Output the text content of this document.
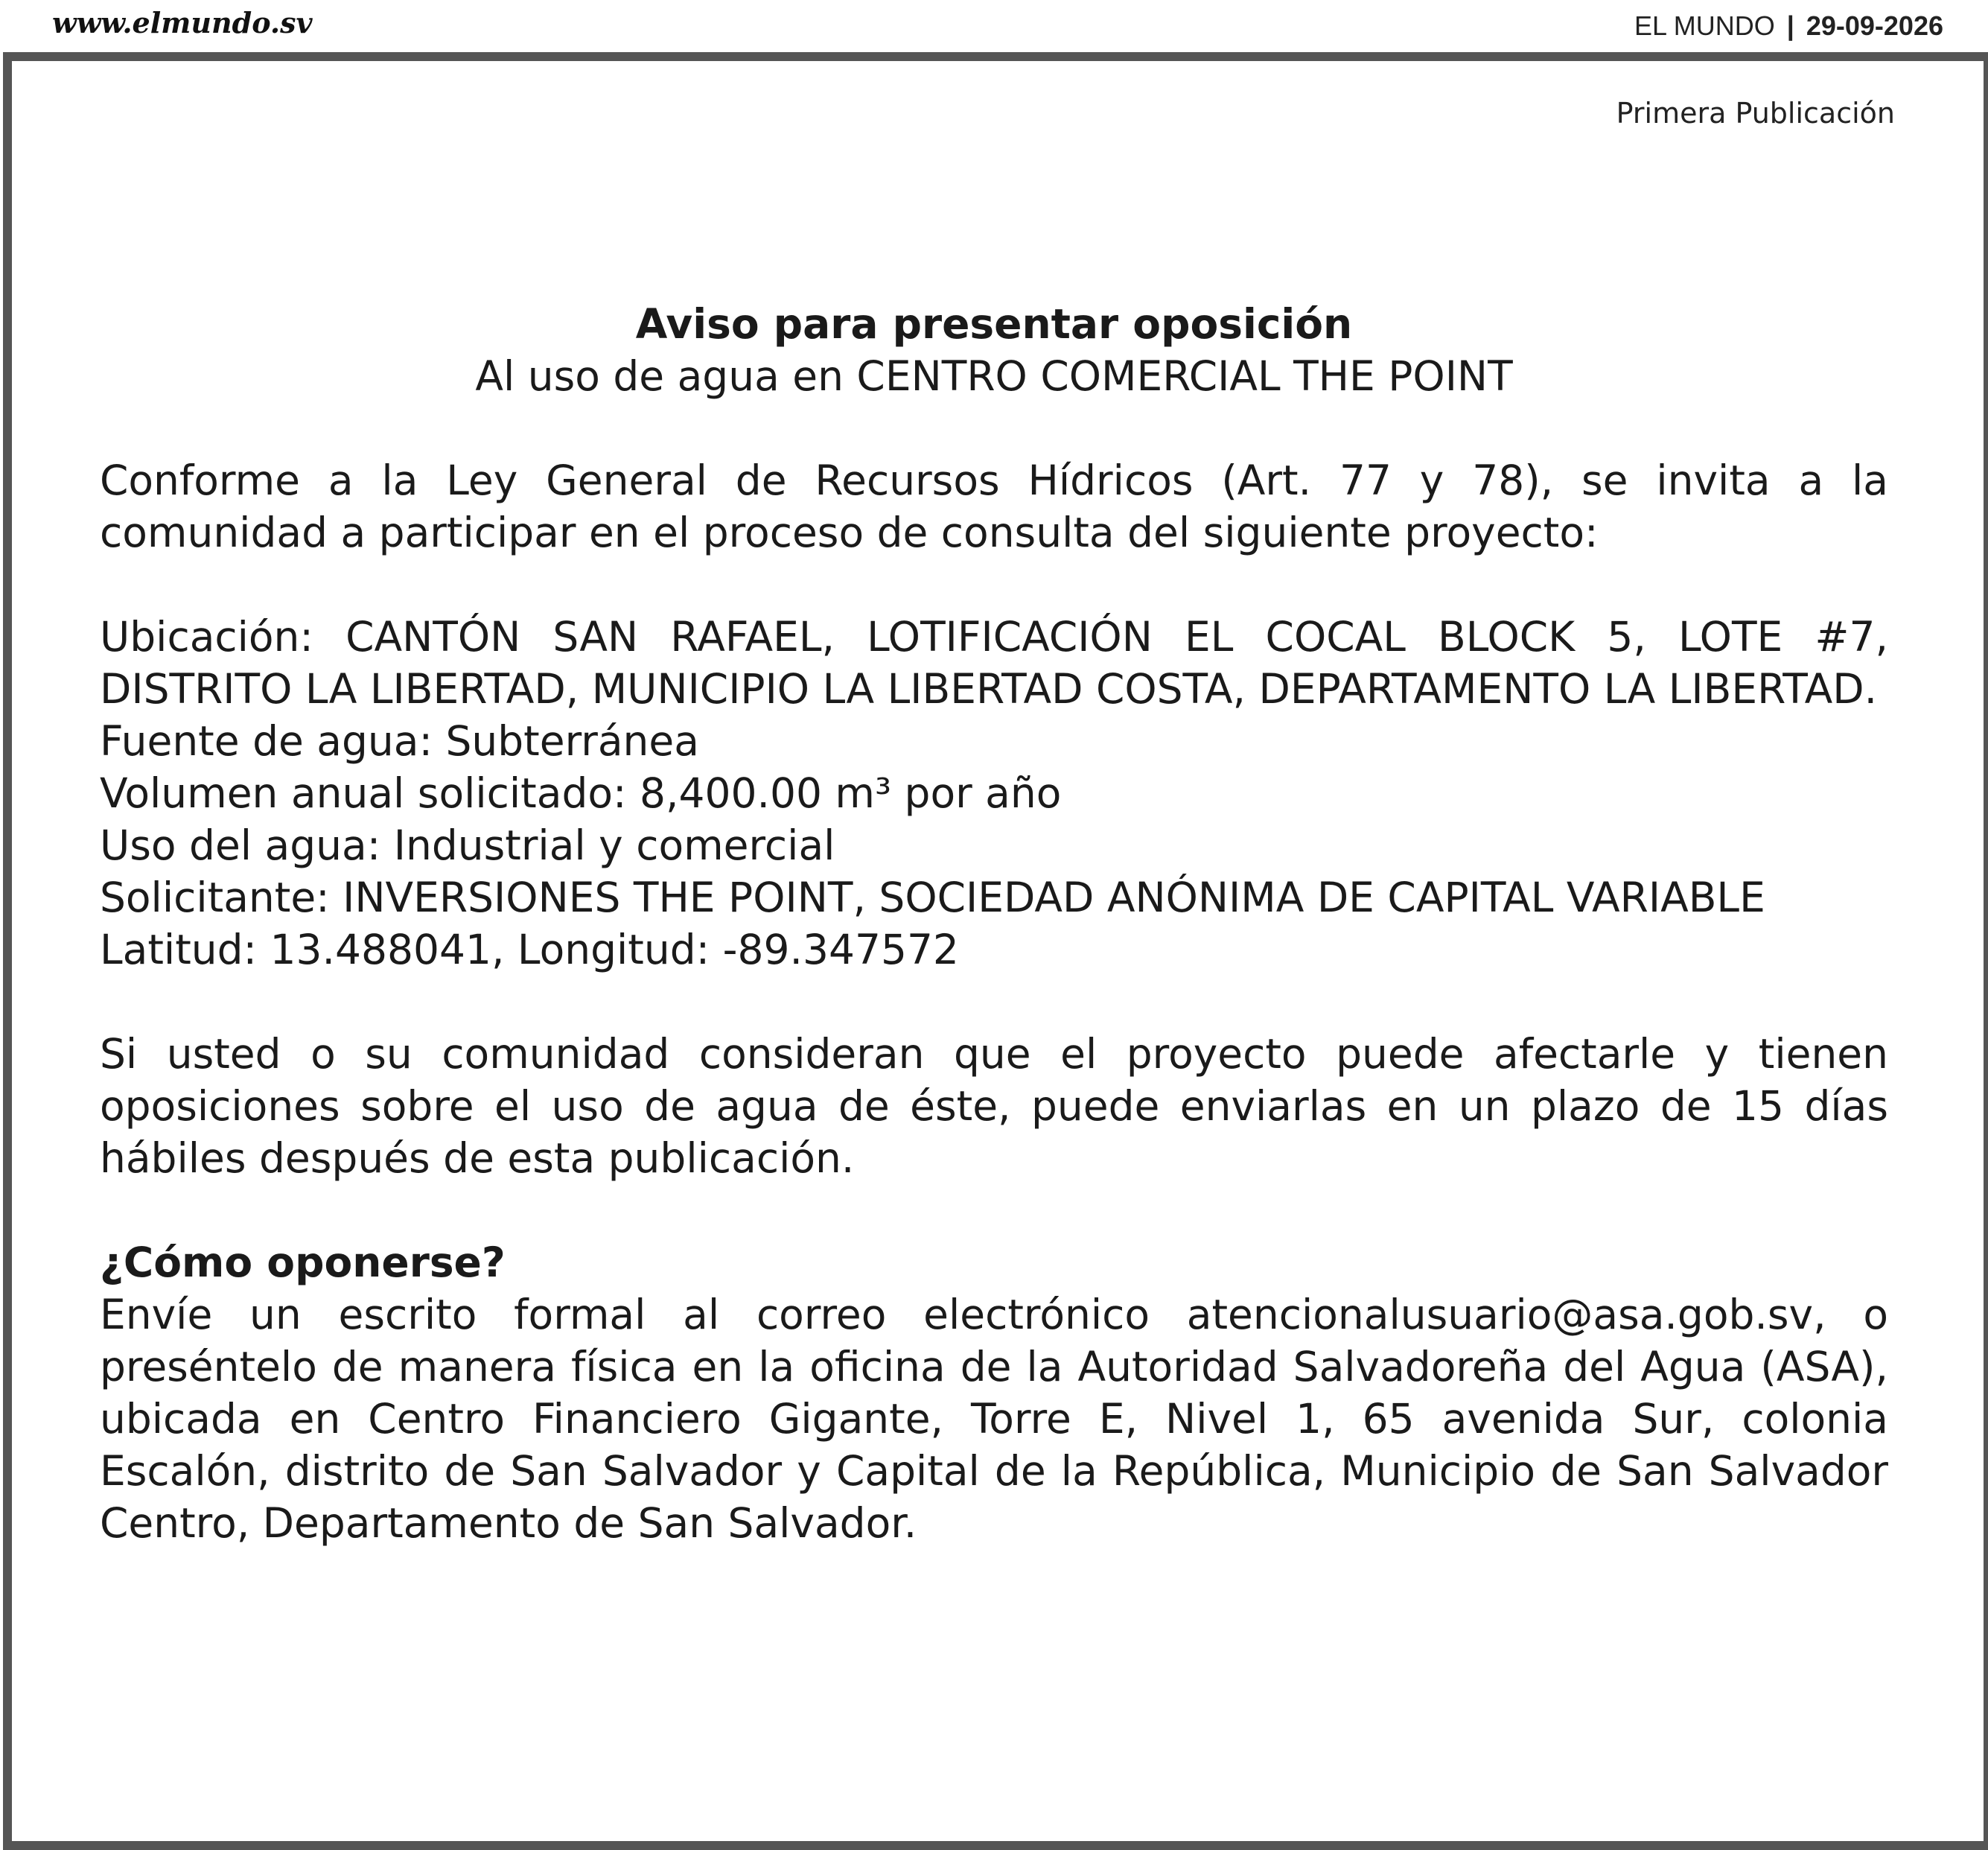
www.elmundo.sv	EL MUNDO | 29-09-2026
Primera Publicación
Aviso para presentar oposición
Al uso de agua en CENTRO COMERCIAL THE POINT

Conforme a la Ley General de Recursos Hídricos (Art. 77 y 78), se invita a la comunidad a participar en el proceso de consulta del siguiente proyecto:

Ubicación: CANTÓN SAN RAFAEL, LOTIFICACIÓN EL COCAL BLOCK 5, LOTE #7, DISTRITO LA LIBERTAD, MUNICIPIO LA LIBERTAD COSTA, DEPARTAMENTO LA LIBERTAD.

Fuente de agua: Subterránea
Volumen anual solicitado: 8,400.00 m³ por año
Uso del agua: Industrial y comercial

Solicitante: INVERSIONES THE POINT, SOCIEDAD ANÓNIMA DE CAPITAL VARIABLE

Latitud: 13.488041, Longitud: -89.347572

Si usted o su comunidad consideran que el proyecto puede afectarle y tienen oposiciones sobre el uso de agua de éste, puede enviarlas en un plazo de 15 días hábiles después de esta publicación.

¿Cómo oponerse?

Envíe un escrito formal al correo electrónico atencionalusuario@asa.gob.sv, o preséntelo de manera física en la oficina de la Autoridad Salvadoreña del Agua (ASA), ubicada en Centro Financiero Gigante, Torre E, Nivel 1, 65 avenida Sur, colonia Escalón, distrito de San Salvador y Capital de la República, Municipio de San Salvador Centro, Departamento de San Salvador.
